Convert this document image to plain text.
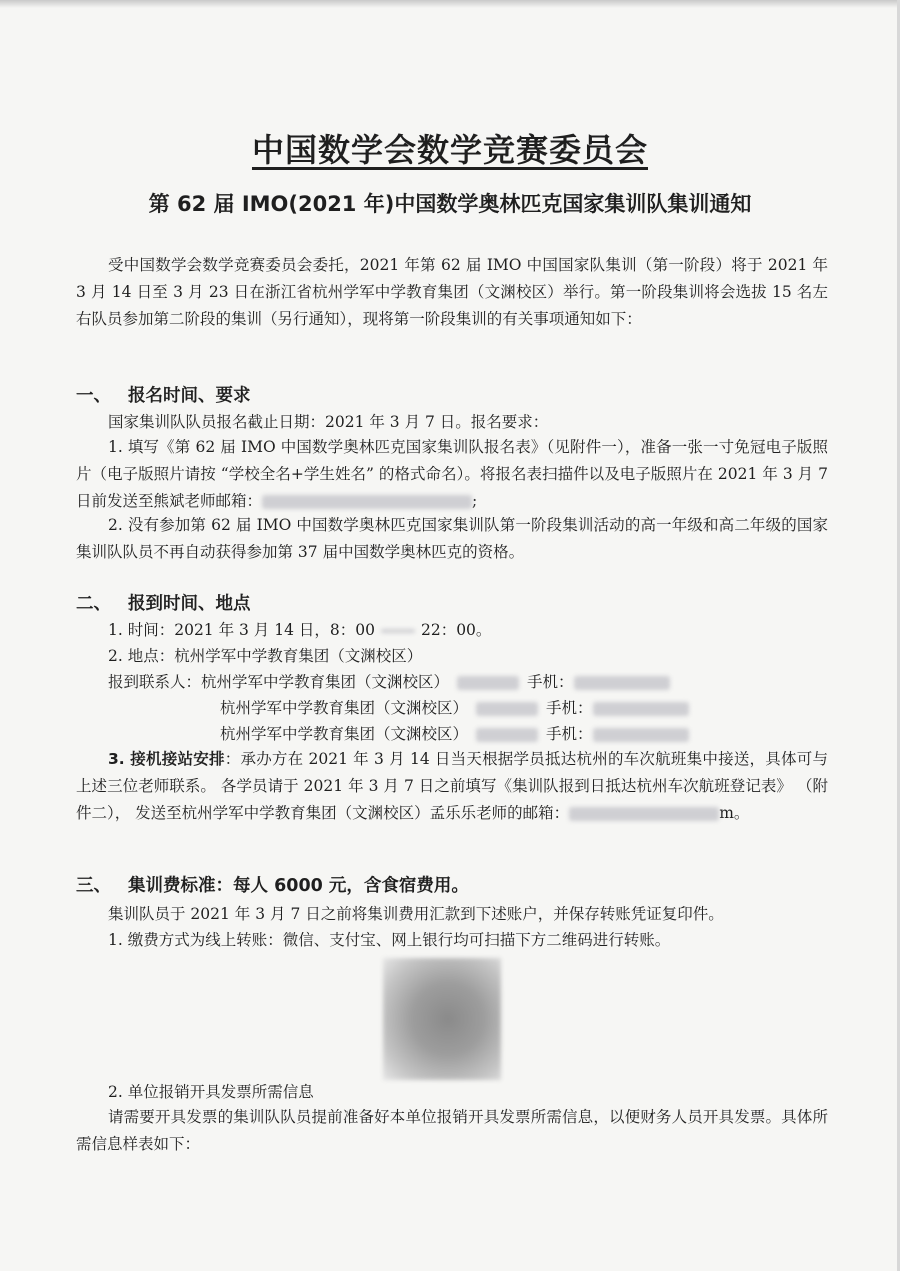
中国数学会数学竞赛委员会
第 62 届 IMO(2021 年)中国数学奥林匹克国家集训队集训通知
受中国数学会数学竞赛委员会委托，2021 年第 62 届 IMO 中国国家队集训（第一阶段）将于 2021 年 3 月 14 日至 3 月 23 日在浙江省杭州学军中学教育集团（文渊校区）举行。第一阶段集训将会选拔 15 名左右队员参加第二阶段的集训（另行通知），现将第一阶段集训的有关事项通知如下：
一、 报名时间、要求
国家集训队队员报名截止日期：2021 年 3 月 7 日。报名要求：
1. 填写《第 62 届 IMO 中国数学奥林匹克国家集训队报名表》（见附件一），准备一张一寸免冠电子版照片（电子版照片请按 “学校全名+学生姓名” 的格式命名）。将报名表扫描件以及电子版照片在 2021 年 3 月 7 日前发送至熊斌老师邮箱：	;
2. 没有参加第 62 届 IMO 中国数学奥林匹克国家集训队第一阶段集训活动的高一年级和高二年级的国家集训队队员不再自动获得参加第 37 届中国数学奥林匹克的资格。
二、 报到时间、地点
1. 时间：2021 年 3 月 14 日，8：00	22：00。
2. 地点：杭州学军中学教育集团（文渊校区）
报到联系人：杭州学军中学教育集团（文渊校区）	手机：
杭州学军中学教育集团（文渊校区）	手机：
杭州学军中学教育集团（文渊校区）	手机：
3. 接机接站安排：承办方在 2021 年 3 月 14 日当天根据学员抵达杭州的车次航班集中接送，具体可与上述三位老师联系。 各学员请于 2021 年 3 月 7 日之前填写《集训队报到日抵达杭州车次航班登记表》 （附件二）， 发送至杭州学军中学教育集团（文渊校区）孟乐乐老师的邮箱：	m。
三、 集训费标准：每人 6000 元，含食宿费用。
集训队员于 2021 年 3 月 7 日之前将集训费用汇款到下述账户，并保存转账凭证复印件。
1. 缴费方式为线上转账：微信、支付宝、网上银行均可扫描下方二维码进行转账。
2. 单位报销开具发票所需信息
请需要开具发票的集训队队员提前准备好本单位报销开具发票所需信息，以便财务人员开具发票。具体所需信息样表如下：
